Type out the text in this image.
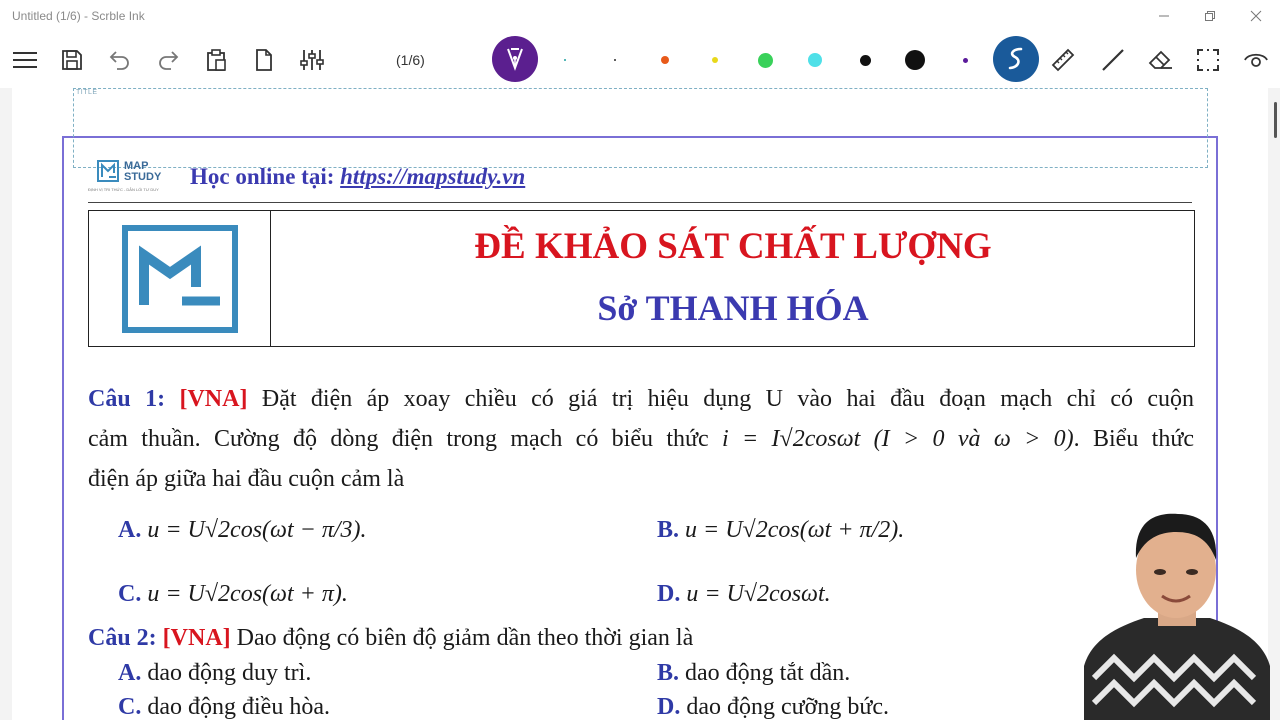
Untitled (1/6) - Scrble Ink
(1/6)
TITLE
MAP
STUDY
ĐỊNH VỊ TRI THỨC - DẪN LỐI TƯ DUY
Học online tại: https://mapstudy.vn
ĐỀ KHẢO SÁT CHẤT LƯỢNG
Sở THANH HÓA
Câu 1: [VNA] Đặt điện áp xoay chiều có giá trị hiệu dụng U vào hai đầu đoạn mạch chỉ có cuộn
cảm thuần. Cường độ dòng điện trong mạch có biểu thức i = I√2cosωt (I > 0 và ω > 0). Biểu thức
điện áp giữa hai đầu cuộn cảm là
A. u = U√2cos(ωt − π/3).	B. u = U√2cos(ωt + π/2).
C. u = U√2cos(ωt + π).	D. u = U√2cosωt.
Câu 2: [VNA] Dao động có biên độ giảm dần theo thời gian là
A. dao động duy trì.	B. dao động tắt dần.
C. dao động điều hòa.	D. dao động cưỡng bức.
